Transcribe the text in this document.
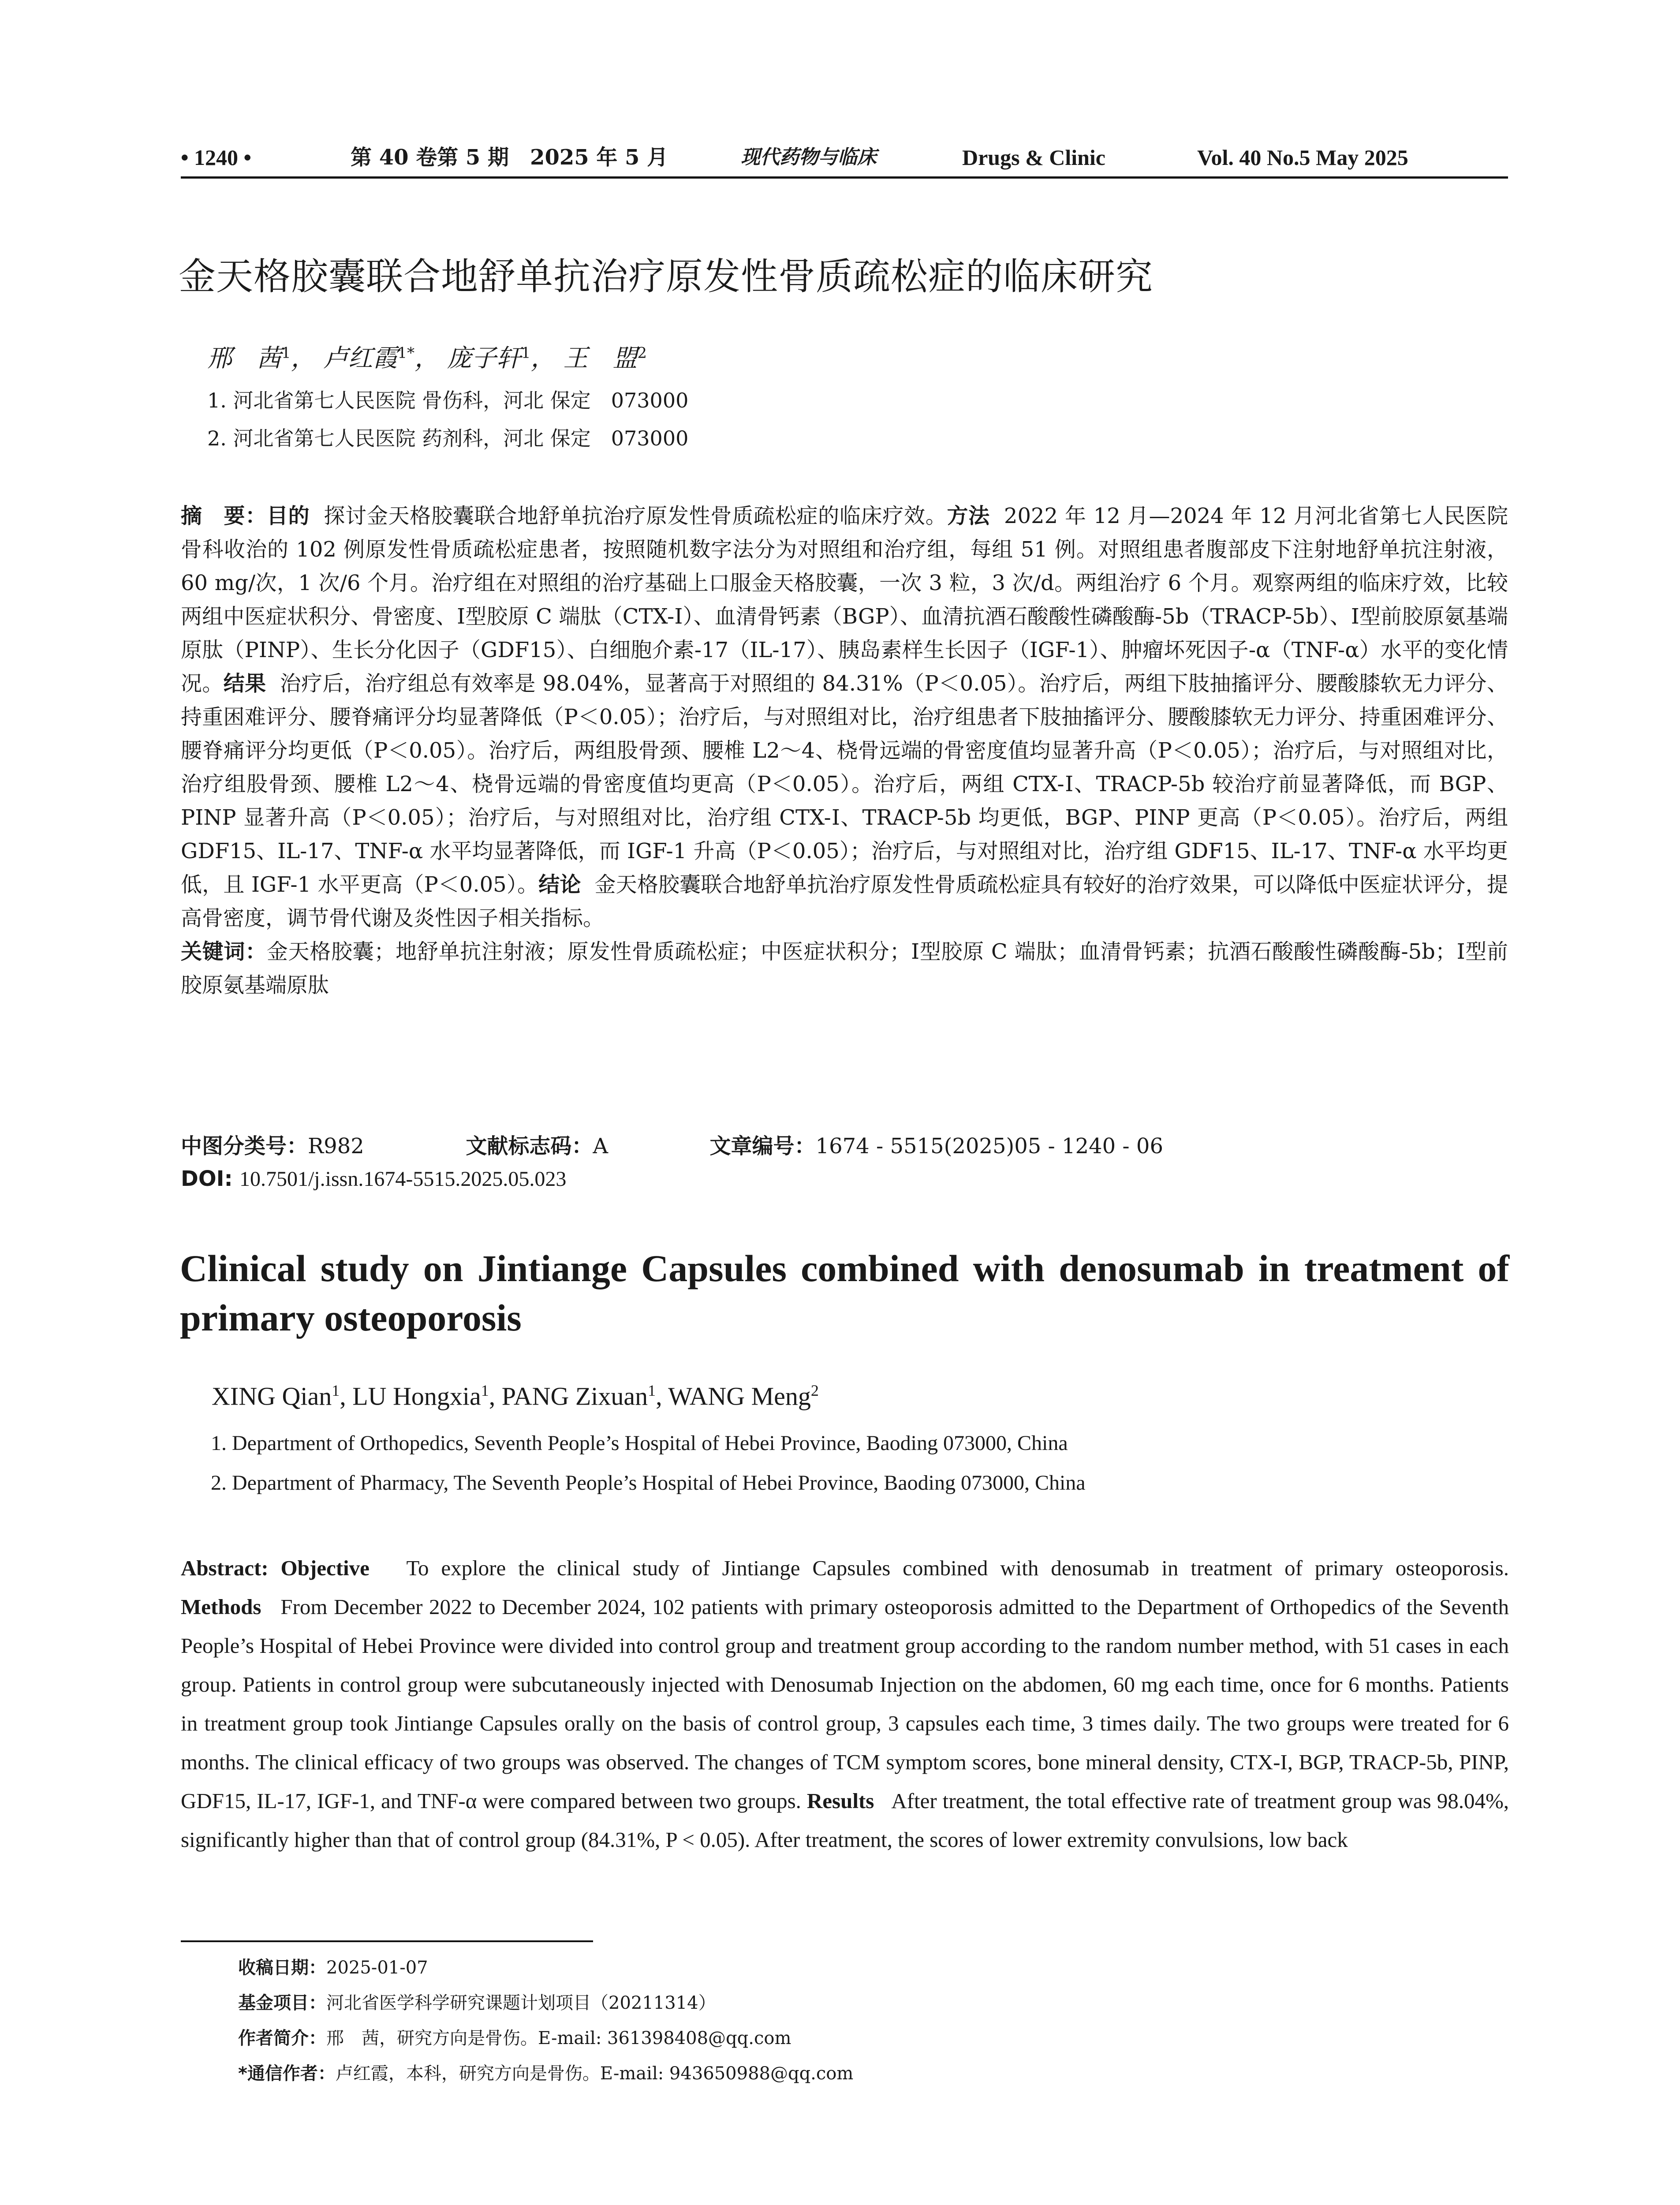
• 1240 •	第 40 卷第 5 期　2025 年 5 月	现代药物与临床	Drugs & Clinic	Vol. 40 No.5 May 2025
金天格胶囊联合地舒单抗治疗原发性骨质疏松症的临床研究
邢　茜$^1$， 卢红霞$^{1*}$， 庞子轩$^1$， 王　盟$^2$
1. 河北省第七人民医院 骨伤科，河北 保定　073000
2. 河北省第七人民医院 药剂科，河北 保定　073000

摘　要：目的 探讨金天格胶囊联合地舒单抗治疗原发性骨质疏松症的临床疗效。方法 2022 年 12 月—2024 年 12 月河北省第七人民医院骨科收治的 102 例原发性骨质疏松症患者，按照随机数字法分为对照组和治疗组，每组 51 例。对照组患者腹部皮下注射地舒单抗注射液，60 mg/次，1 次/6 个月。治疗组在对照组的治疗基础上口服金天格胶囊，一次 3 粒，3 次/d。两组治疗 6 个月。观察两组的临床疗效，比较两组中医症状积分、骨密度、Ⅰ型胶原 C 端肽（CTX-Ⅰ）、血清骨钙素（BGP）、血清抗酒石酸酸性磷酸酶-5b（TRACP-5b）、Ⅰ型前胶原氨基端原肽（PINP）、生长分化因子（GDF15）、白细胞介素-17（IL-17）、胰岛素样生长因子（IGF-1）、肿瘤坏死因子-α（TNF-α）水平的变化情况。结果 治疗后，治疗组总有效率是 98.04%，显著高于对照组的 84.31%（P＜0.05）。治疗后，两组下肢抽搐评分、腰酸膝软无力评分、持重困难评分、腰脊痛评分均显著降低（P＜0.05）；治疗后，与对照组对比，治疗组患者下肢抽搐评分、腰酸膝软无力评分、持重困难评分、腰脊痛评分均更低（P＜0.05）。治疗后，两组股骨颈、腰椎 L2～4、桡骨远端的骨密度值均显著升高（P＜0.05）；治疗后，与对照组对比，治疗组股骨颈、腰椎 L2～4、桡骨远端的骨密度值均更高（P＜0.05）。治疗后，两组 CTX-Ⅰ、TRACP-5b 较治疗前显著降低，而 BGP、PINP 显著升高（P＜0.05）；治疗后，与对照组对比，治疗组 CTX-Ⅰ、TRACP-5b 均更低，BGP、PINP 更高（P＜0.05）。治疗后，两组 GDF15、IL-17、TNF-α 水平均显著降低，而 IGF-1 升高（P＜0.05）；治疗后，与对照组对比，治疗组 GDF15、IL-17、TNF-α 水平均更低，且 IGF-1 水平更高（P＜0.05）。结论 金天格胶囊联合地舒单抗治疗原发性骨质疏松症具有较好的治疗效果，可以降低中医症状评分，提高骨密度，调节骨代谢及炎性因子相关指标。

关键词：金天格胶囊；地舒单抗注射液；原发性骨质疏松症；中医症状积分；Ⅰ型胶原 C 端肽；血清骨钙素；抗酒石酸酸性磷酸酶-5b；Ⅰ型前胶原氨基端原肽

中图分类号：R982	文献标志码：A	文章编号：1674 - 5515(2025)05 - 1240 - 06
DOI: 10.7501/j.issn.1674-5515.2025.05.023
Clinical study on Jintiange Capsules combined with denosumab in treatment of primary osteoporosis
XING Qian$^1$, LU Hongxia$^1$, PANG Zixuan$^1$, WANG Meng$^2$
1. Department of Orthopedics, Seventh People’s Hospital of Hebei Province, Baoding 073000, China
2. Department of Pharmacy, The Seventh People’s Hospital of Hebei Province, Baoding 073000, China

Abstract: Objective To explore the clinical study of Jintiange Capsules combined with denosumab in treatment of primary osteoporosis. Methods From December 2022 to December 2024, 102 patients with primary osteoporosis admitted to the Department of Orthopedics of the Seventh People’s Hospital of Hebei Province were divided into control group and treatment group according to the random number method, with 51 cases in each group. Patients in control group were subcutaneously injected with Denosumab Injection on the abdomen, 60 mg each time, once for 6 months. Patients in treatment group took Jintiange Capsules orally on the basis of control group, 3 capsules each time, 3 times daily. The two groups were treated for 6 months. The clinical efficacy of two groups was observed. The changes of TCM symptom scores, bone mineral density, CTX-I, BGP, TRACP-5b, PINP, GDF15, IL-17, IGF-1, and TNF-α were compared between two groups. Results After treatment, the total effective rate of treatment group was 98.04%, significantly higher than that of control group (84.31%, P < 0.05). After treatment, the scores of lower extremity convulsions, low back

收稿日期：2025-01-07
基金项目：河北省医学科学研究课题计划项目（20211314）
作者简介：邢　茜，研究方向是骨伤。E-mail: 361398408@qq.com
*通信作者：卢红霞，本科，研究方向是骨伤。E-mail: 943650988@qq.com
